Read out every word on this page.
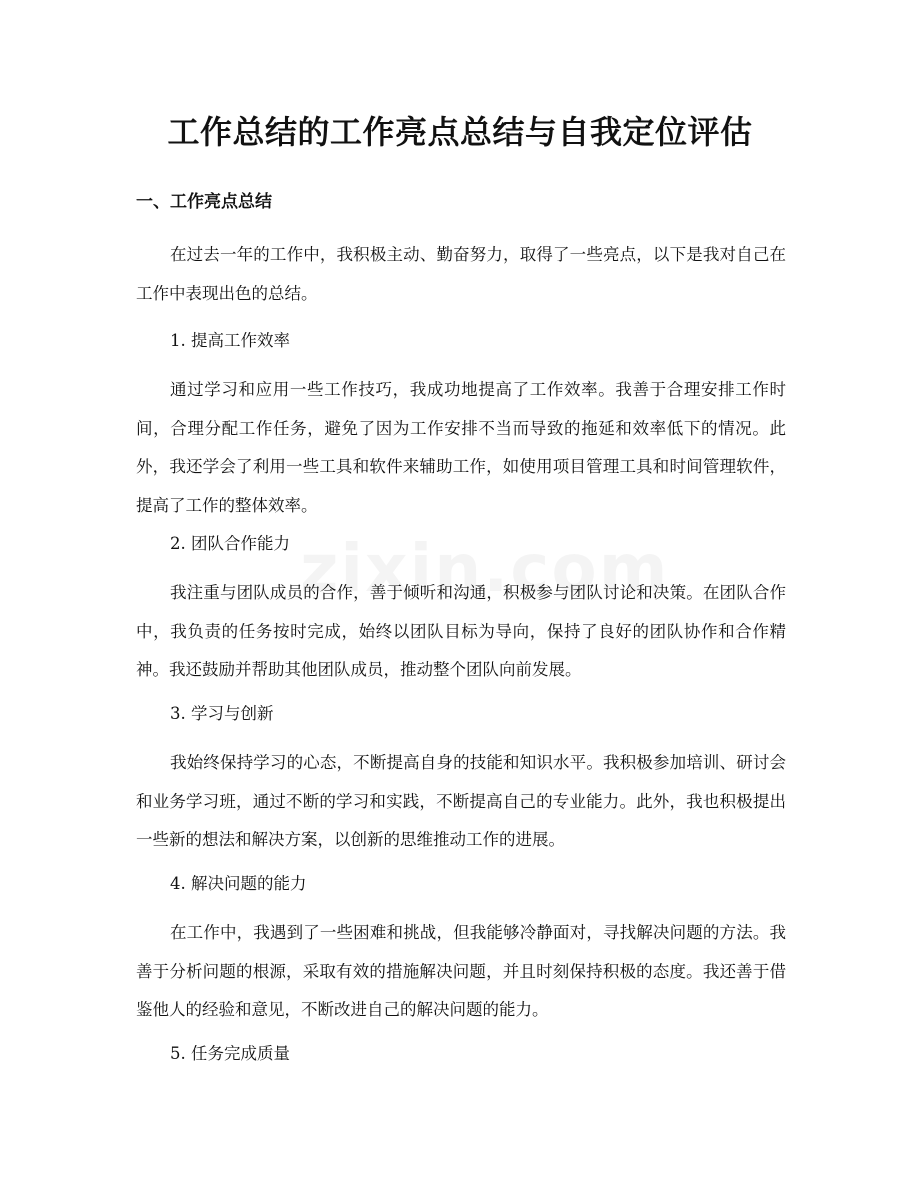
工作总结的工作亮点总结与自我定位评估
一、工作亮点总结

在过去一年的工作中，我积极主动、勤奋努力，取得了一些亮点，以下是我对自己在工作中表现出色的总结。

1. 提高工作效率

通过学习和应用一些工作技巧，我成功地提高了工作效率。我善于合理安排工作时间，合理分配工作任务，避免了因为工作安排不当而导致的拖延和效率低下的情况。此外，我还学会了利用一些工具和软件来辅助工作，如使用项目管理工具和时间管理软件，提高了工作的整体效率。

2. 团队合作能力

我注重与团队成员的合作，善于倾听和沟通，积极参与团队讨论和决策。在团队合作中，我负责的任务按时完成，始终以团队目标为导向，保持了良好的团队协作和合作精神。我还鼓励并帮助其他团队成员，推动整个团队向前发展。

3. 学习与创新

我始终保持学习的心态，不断提高自身的技能和知识水平。我积极参加培训、研讨会和业务学习班，通过不断的学习和实践，不断提高自己的专业能力。此外，我也积极提出一些新的想法和解决方案，以创新的思维推动工作的进展。

4. 解决问题的能力

在工作中，我遇到了一些困难和挑战，但我能够冷静面对，寻找解决问题的方法。我善于分析问题的根源，采取有效的措施解决问题，并且时刻保持积极的态度。我还善于借鉴他人的经验和意见，不断改进自己的解决问题的能力。

5. 任务完成质量
